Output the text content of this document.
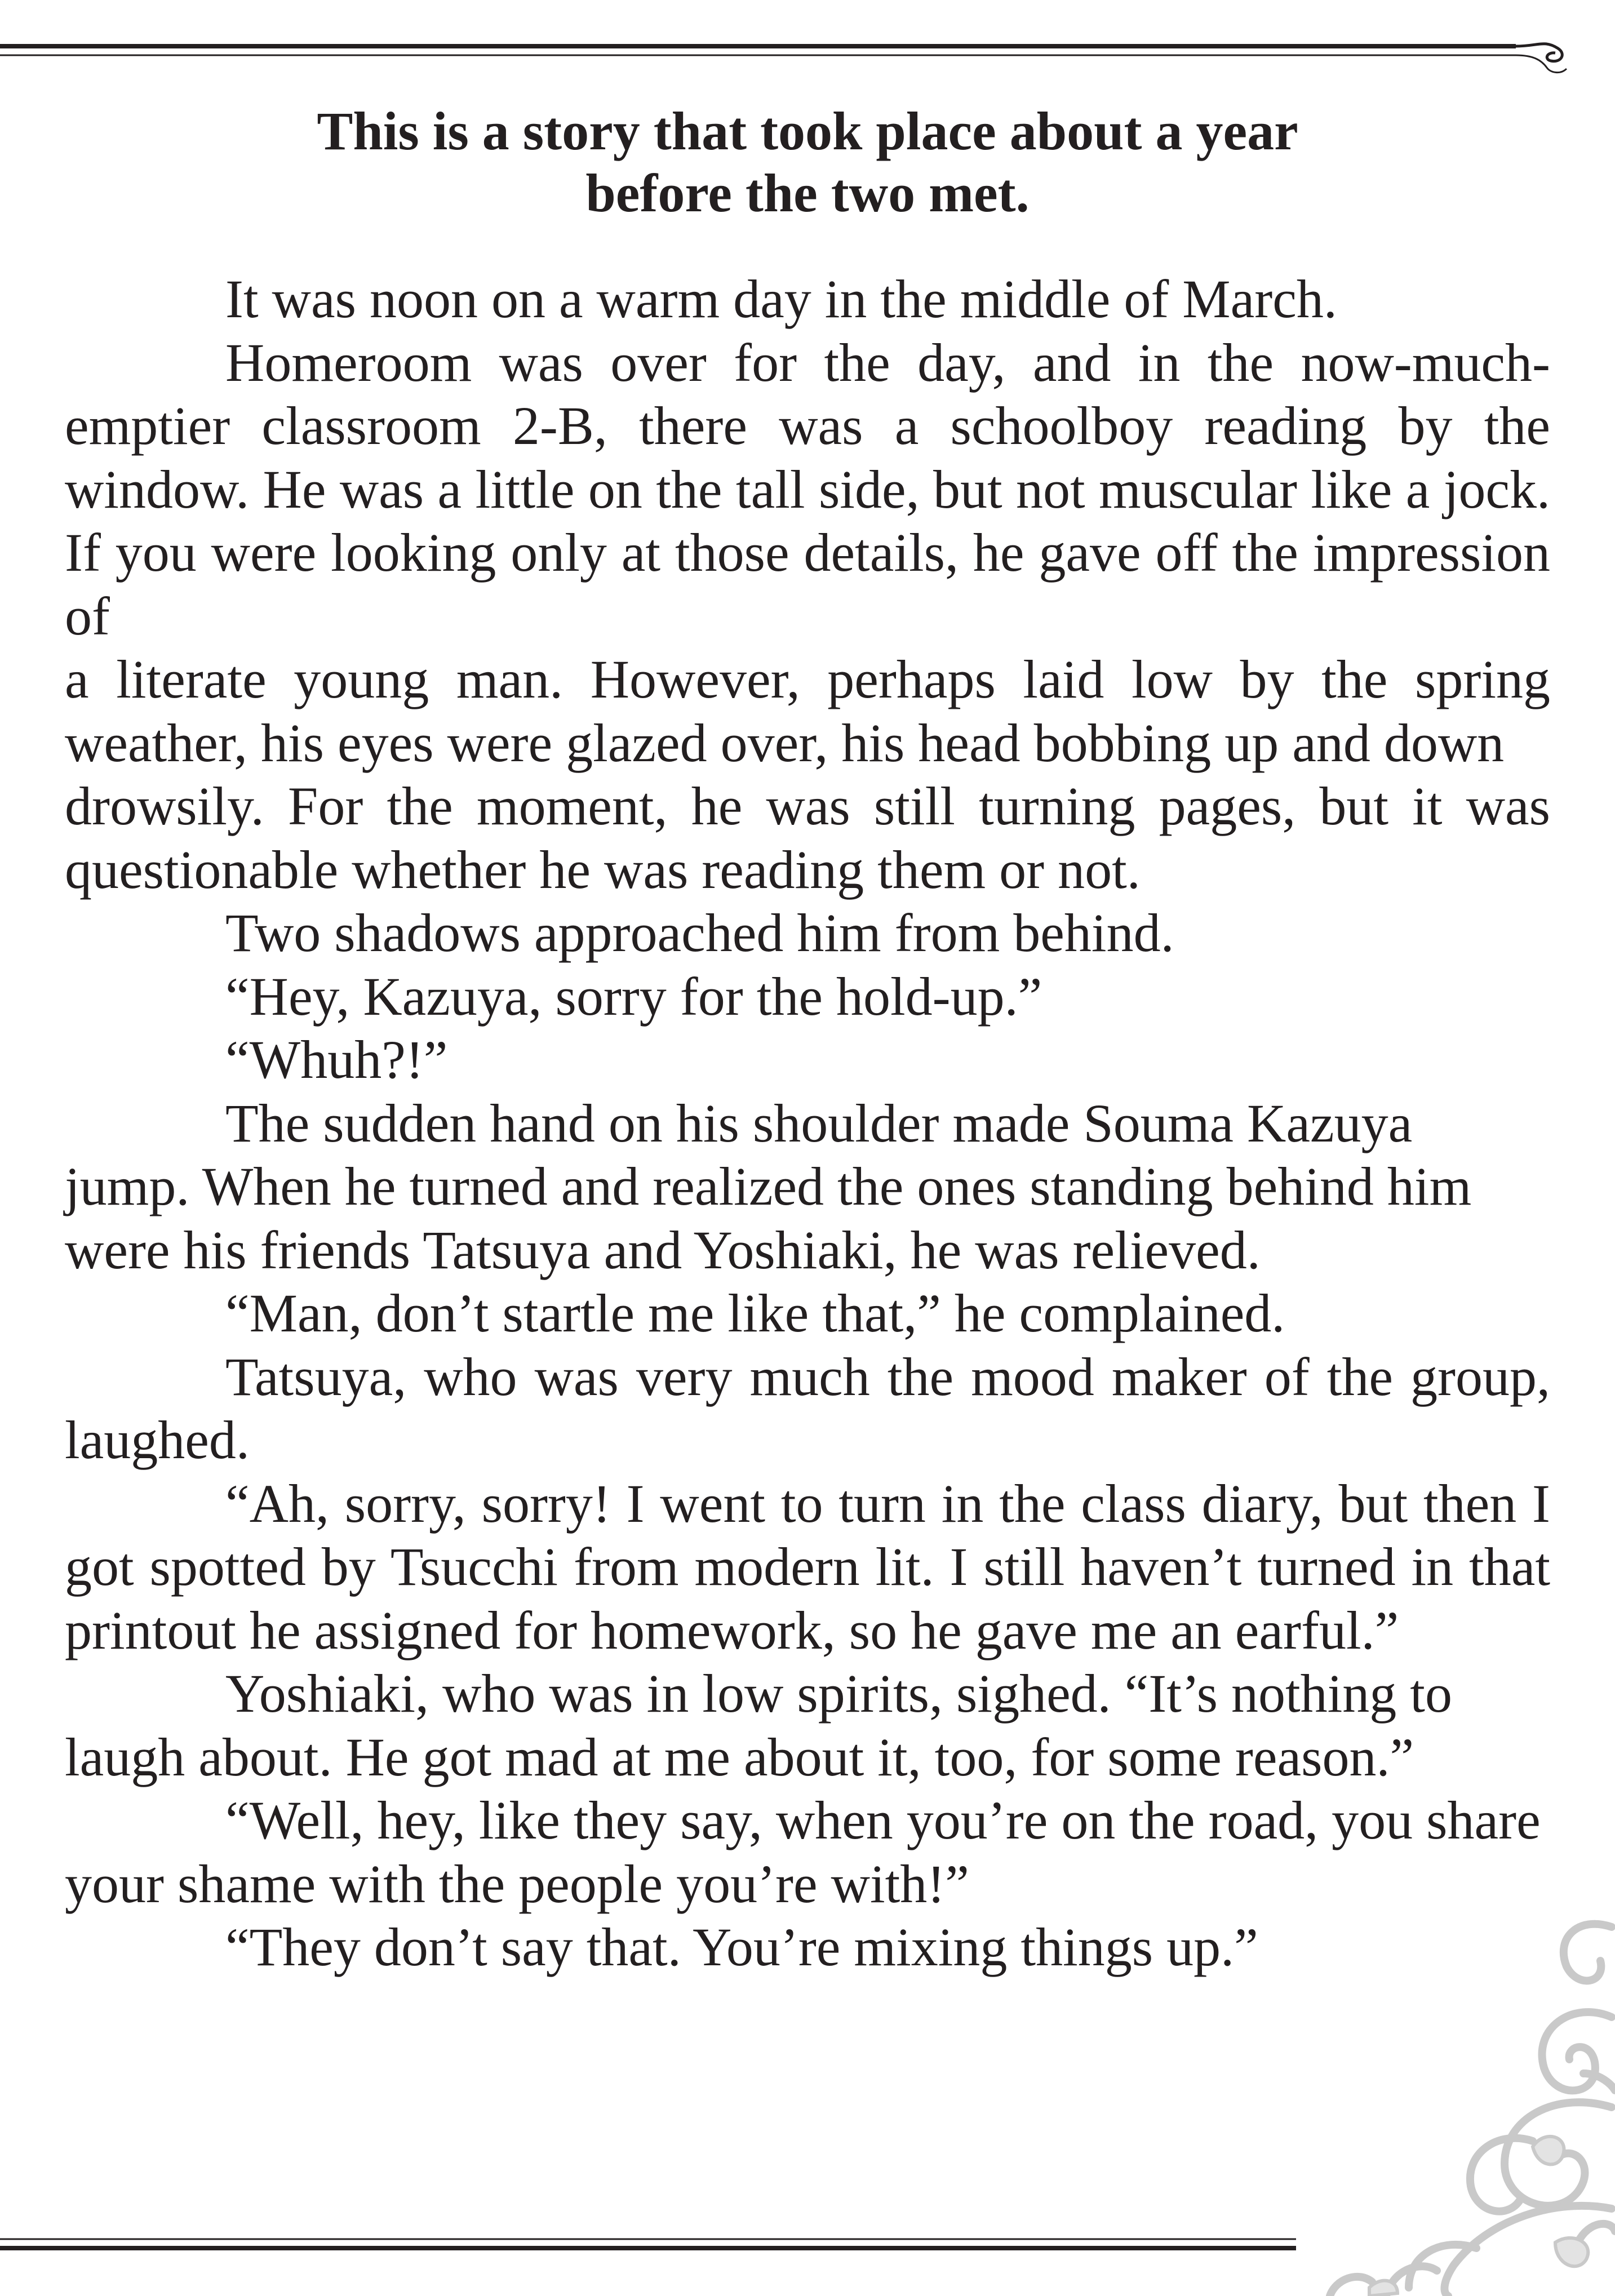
This is a story that took place about a year
before the two met.

It was noon on a warm day in the middle of March.

Homeroom was over for the day, and in the now-much-emptier classroom 2-B, there was a schoolboy reading by the window. He was a little on the tall side, but not muscular like a jock. If you were looking only at those details, he gave off the impression of

a literate young man. However, perhaps laid low by the spring weather, his eyes were glazed over, his head bobbing up and down

drowsily. For the moment, he was still turning pages, but it was questionable whether he was reading them or not.

Two shadows approached him from behind.

“Hey, Kazuya, sorry for the hold-up.”

“Whuh?!”

The sudden hand on his shoulder made Souma Kazuya jump. When he turned and realized the ones standing behind him were his friends Tatsuya and Yoshiaki, he was relieved.

“Man, don’t startle me like that,” he complained.

Tatsuya, who was very much the mood maker of the group, laughed.

“Ah, sorry, sorry! I went to turn in the class diary, but then I got spotted by Tsucchi from modern lit. I still haven’t turned in that printout he assigned for homework, so he gave me an earful.”

Yoshiaki, who was in low spirits, sighed. “It’s nothing to laugh about. He got mad at me about it, too, for some reason.”

“Well, hey, like they say, when you’re on the road, you share your shame with the people you’re with!”

“They don’t say that. You’re mixing things up.”
